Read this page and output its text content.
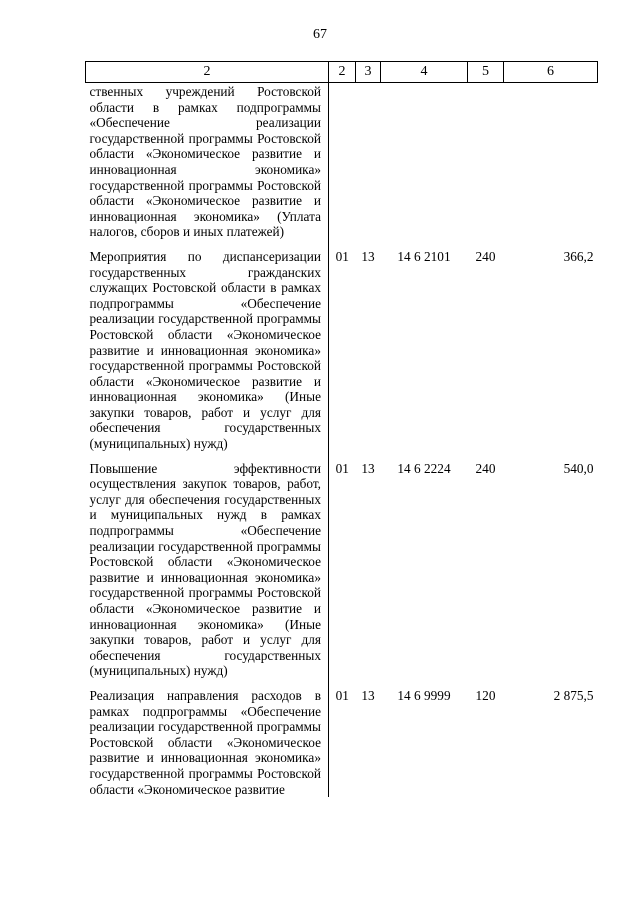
67
2	2	3	4	5	6
ственных учреждений Ростовской области в рамках подпрограммы «Обеспечение реализации государственной программы Ростовской области «Экономическое развитие и инновационная экономика» государственной программы Ростовской области «Экономическое развитие и инновационная экономика» (Уплата налогов, сборов и иных платежей)					
Мероприятия по диспансеризации государственных гражданских служащих Ростовской области в рамках подпрограммы «Обеспечение реализации государственной программы Ростовской области «Экономическое развитие и инновационная экономика» государственной программы Ростовской области «Экономическое развитие и инновационная экономика» (Иные закупки товаров, работ и услуг для обеспечения государственных (муниципальных) нужд)	01	13	14 6 2101	240	366,2
Повышение эффективности осуществления закупок товаров, работ, услуг для обеспечения государственных и муниципальных нужд в рамках подпрограммы «Обеспечение реализации государственной программы Ростовской области «Экономическое развитие и инновационная экономика» государственной программы Ростовской области «Экономическое развитие и инновационная экономика» (Иные закупки товаров, работ и услуг для обеспечения государственных (муниципальных) нужд)	01	13	14 6 2224	240	540,0
Реализация направления расходов в рамках подпрограммы «Обеспечение реализации государственной программы Ростовской области «Экономическое развитие и инновационная экономика» государственной программы Ростовской области «Экономическое развитие	01	13	14 6 9999	120	2 875,5
